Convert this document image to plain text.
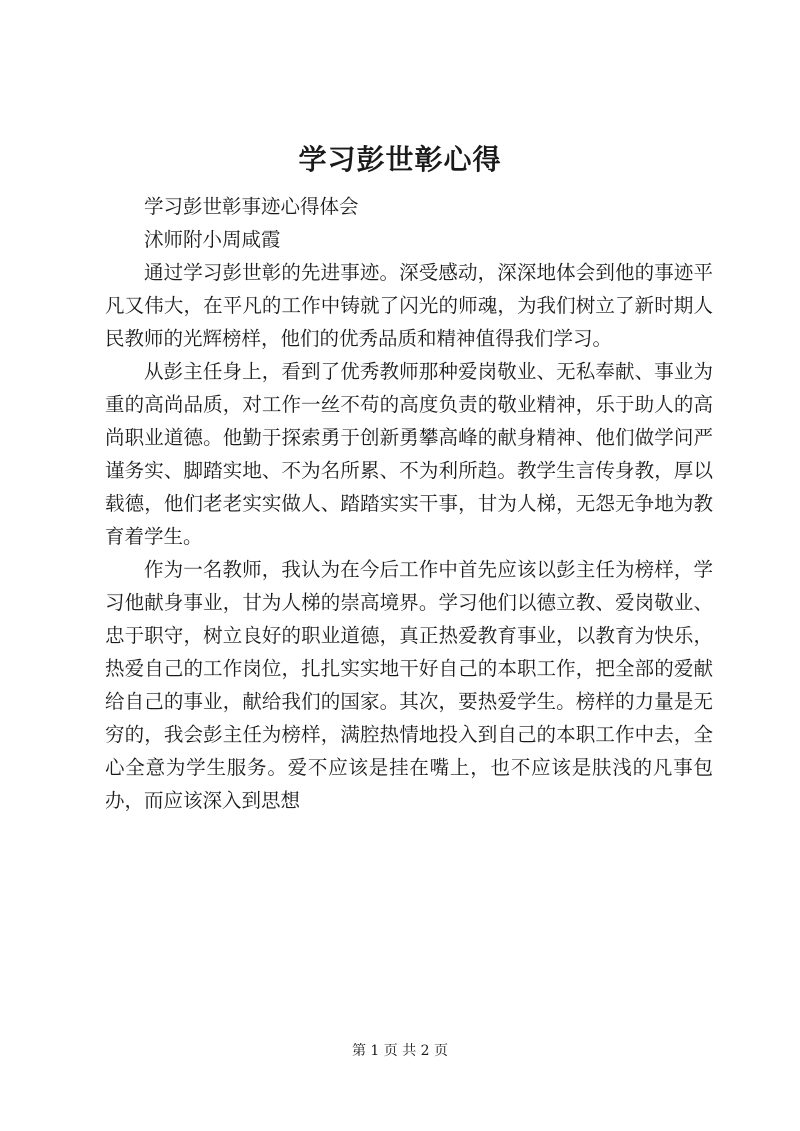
学习彭世彰心得

学习彭世彰事迹心得体会

沭师附小周咸霞

通过学习彭世彰的先进事迹。深受感动，深深地体会到他的事迹平凡又伟大，在平凡的工作中铸就了闪光的师魂，为我们树立了新时期人民教师的光辉榜样，他们的优秀品质和精神值得我们学习。

从彭主任身上，看到了优秀教师那种爱岗敬业、无私奉献、事业为重的高尚品质，对工作一丝不苟的高度负责的敬业精神，乐于助人的高尚职业道德。他勤于探索勇于创新勇攀高峰的献身精神、他们做学问严谨务实、脚踏实地、不为名所累、不为利所趋。教学生言传身教，厚以载德，他们老老实实做人、踏踏实实干事，甘为人梯，无怨无争地为教育着学生。

作为一名教师，我认为在今后工作中首先应该以彭主任为榜样，学习他献身事业，甘为人梯的崇高境界。学习他们以德立教、爱岗敬业、忠于职守，树立良好的职业道德，真正热爱教育事业，以教育为快乐，热爱自己的工作岗位，扎扎实实地干好自己的本职工作，把全部的爱献给自己的事业，献给我们的国家。其次，要热爱学生。榜样的力量是无穷的，我会彭主任为榜样，满腔热情地投入到自己的本职工作中去，全心全意为学生服务。爱不应该是挂在嘴上，也不应该是肤浅的凡事包办，而应该深入到思想

第 1 页 共 2 页
